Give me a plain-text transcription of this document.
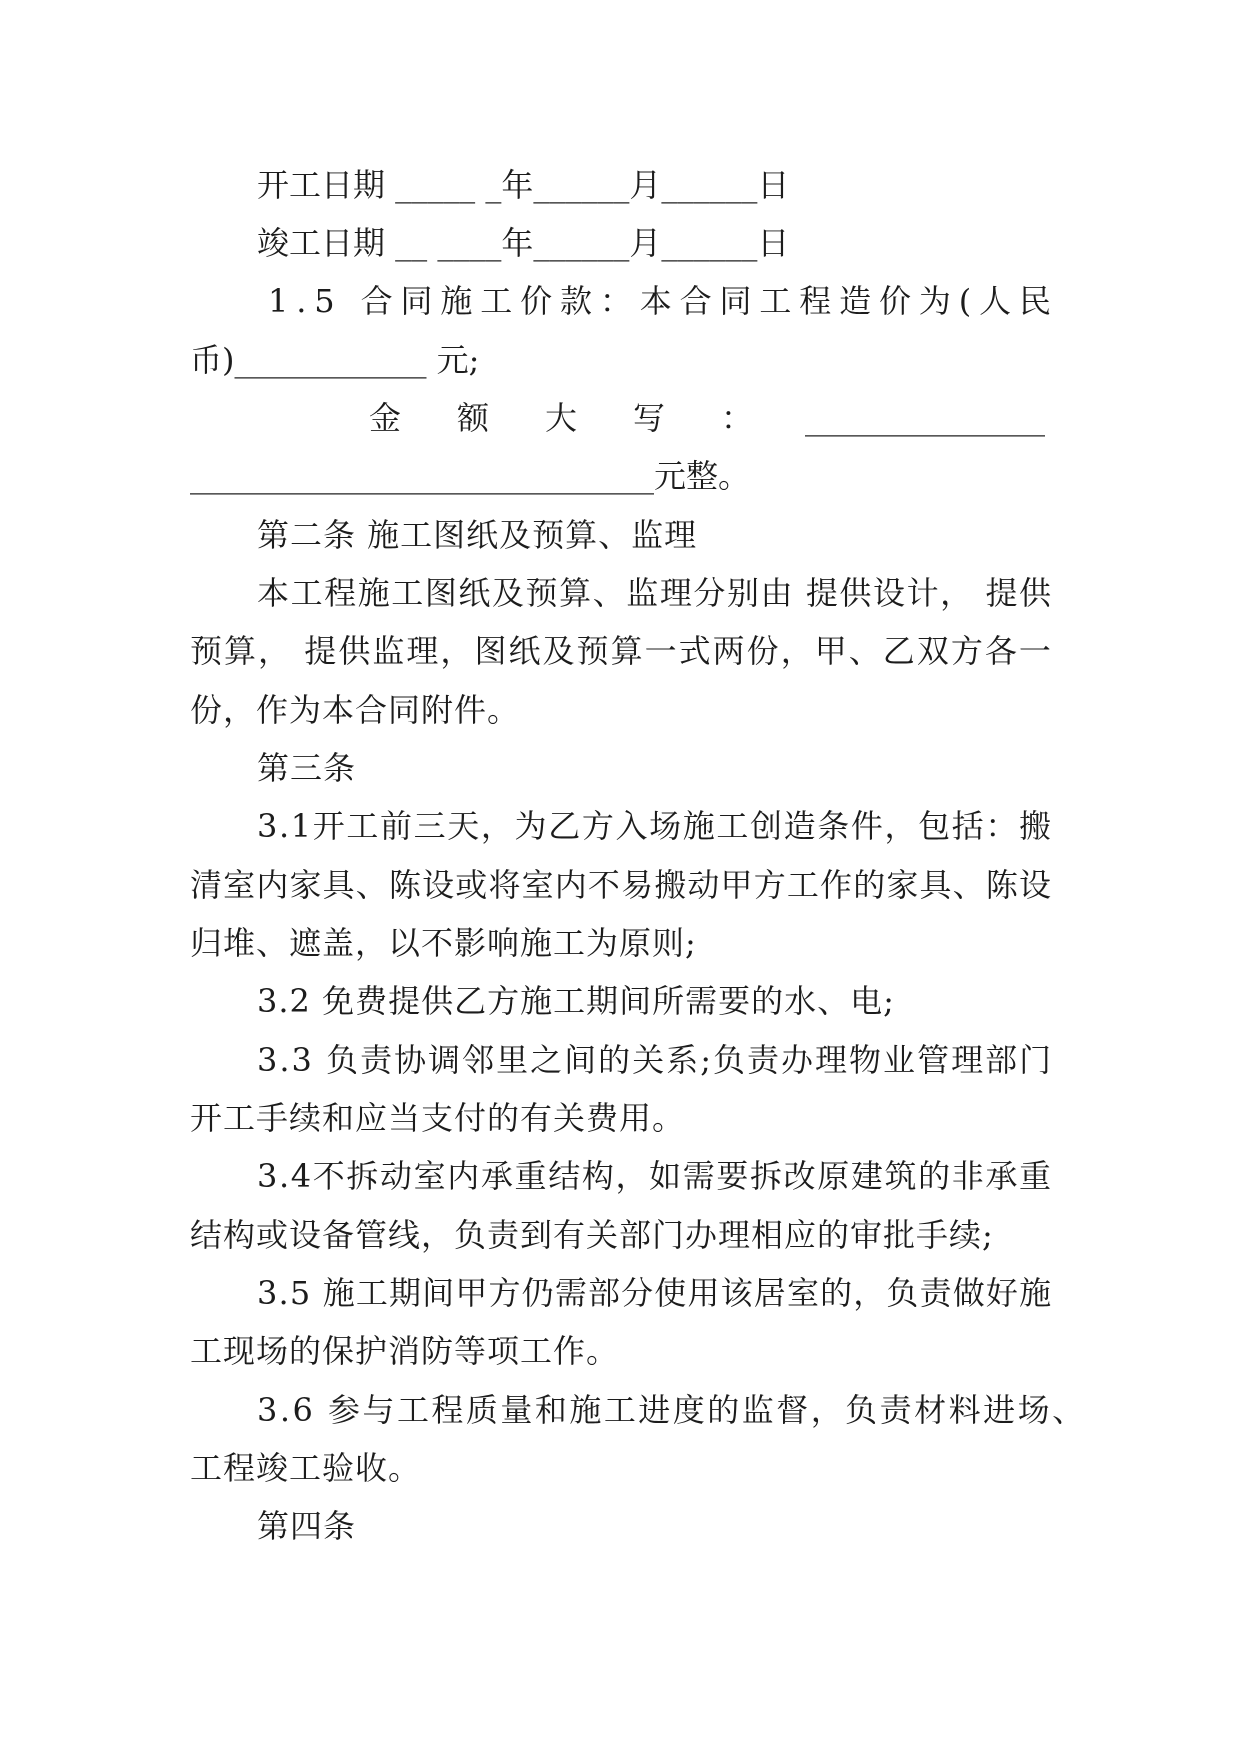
开工日期 _____ _年______月______日
竣工日期 __ ____年______月______日
1.5 合同施工价款：本合同工程造价为(人民
币)____________ 元;
金额大写：
_______________
_____________________________元整。
第二条 施工图纸及预算、监理
本工程施工图纸及预算、监理分别由 提供设计， 提供
预算， 提供监理，图纸及预算一式两份，甲、乙双方各一
份，作为本合同附件。
第三条
3.1开工前三天，为乙方入场施工创造条件，包括：搬
清室内家具、陈设或将室内不易搬动甲方工作的家具、陈设
归堆、遮盖，以不影响施工为原则;
3.2 免费提供乙方施工期间所需要的水、电;
3.3 负责协调邻里之间的关系;负责办理物业管理部门
开工手续和应当支付的有关费用。
3.4不拆动室内承重结构，如需要拆改原建筑的非承重
结构或设备管线，负责到有关部门办理相应的审批手续;
3.5 施工期间甲方仍需部分使用该居室的，负责做好施
工现场的保护消防等项工作。
3.6 参与工程质量和施工进度的监督，负责材料进场、
工程竣工验收。
第四条
